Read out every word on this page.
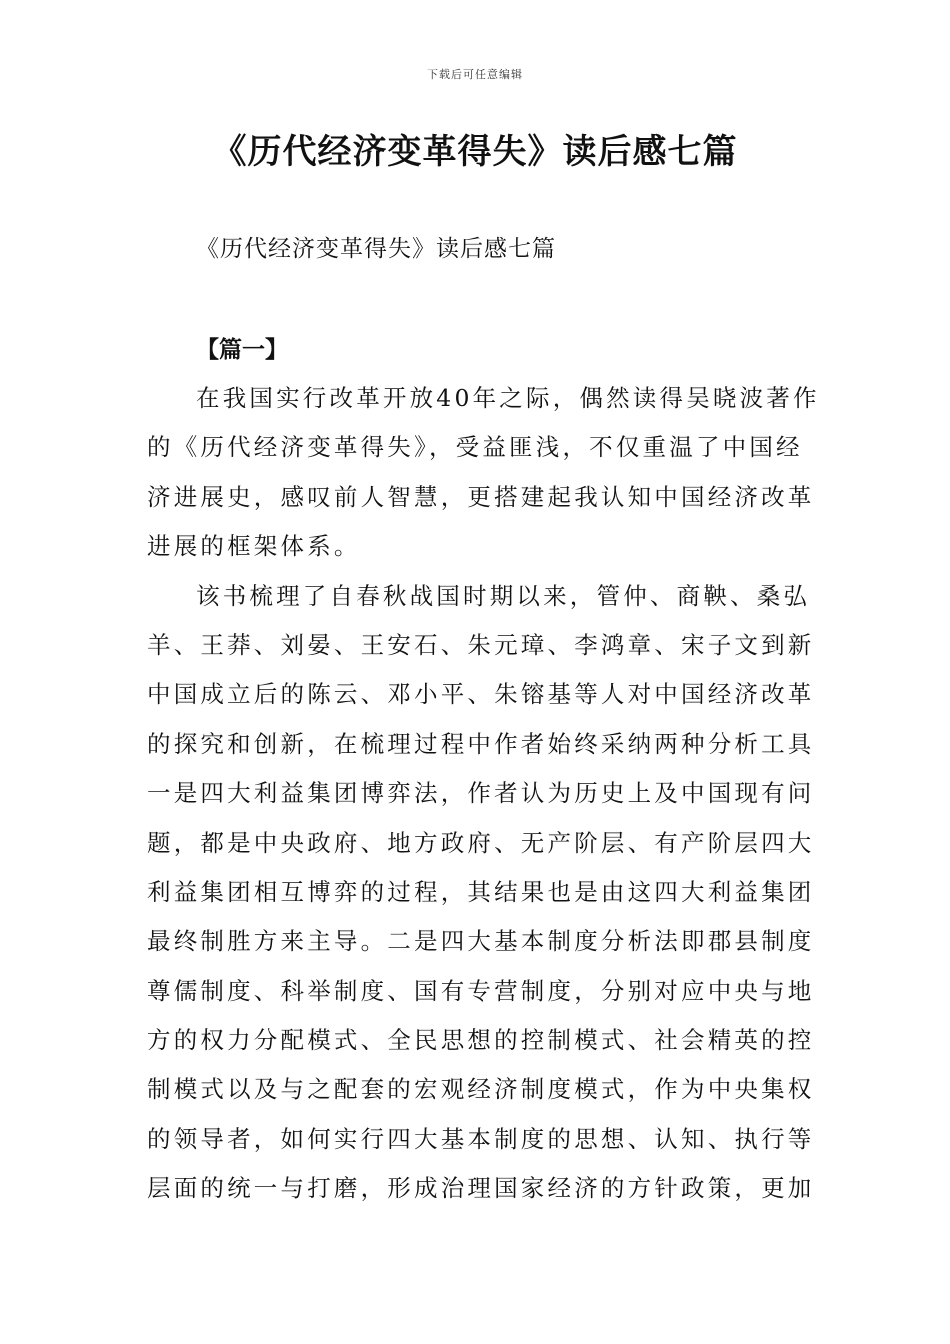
下载后可任意编辑
《历代经济变革得失》读后感七篇
《历代经济变革得失》读后感七篇
【篇一】
在我国实行改革开放40年之际，偶然读得吴晓波著作
的《历代经济变革得失》，受益匪浅，不仅重温了中国经
济进展史，感叹前人智慧，更搭建起我认知中国经济改革
进展的框架体系。
该书梳理了自春秋战国时期以来，管仲、商鞅、桑弘
羊、王莽、刘晏、王安石、朱元璋、李鸿章、宋子文到新
中国成立后的陈云、邓小平、朱镕基等人对中国经济改革
的探究和创新，在梳理过程中作者始终采纳两种分析工具
一是四大利益集团博弈法，作者认为历史上及中国现有问
题，都是中央政府、地方政府、无产阶层、有产阶层四大
利益集团相互博弈的过程，其结果也是由这四大利益集团
最终制胜方来主导。二是四大基本制度分析法即郡县制度
尊儒制度、科举制度、国有专营制度，分别对应中央与地
方的权力分配模式、全民思想的控制模式、社会精英的控
制模式以及与之配套的宏观经济制度模式，作为中央集权
的领导者，如何实行四大基本制度的思想、认知、执行等
层面的统一与打磨，形成治理国家经济的方针政策，更加
